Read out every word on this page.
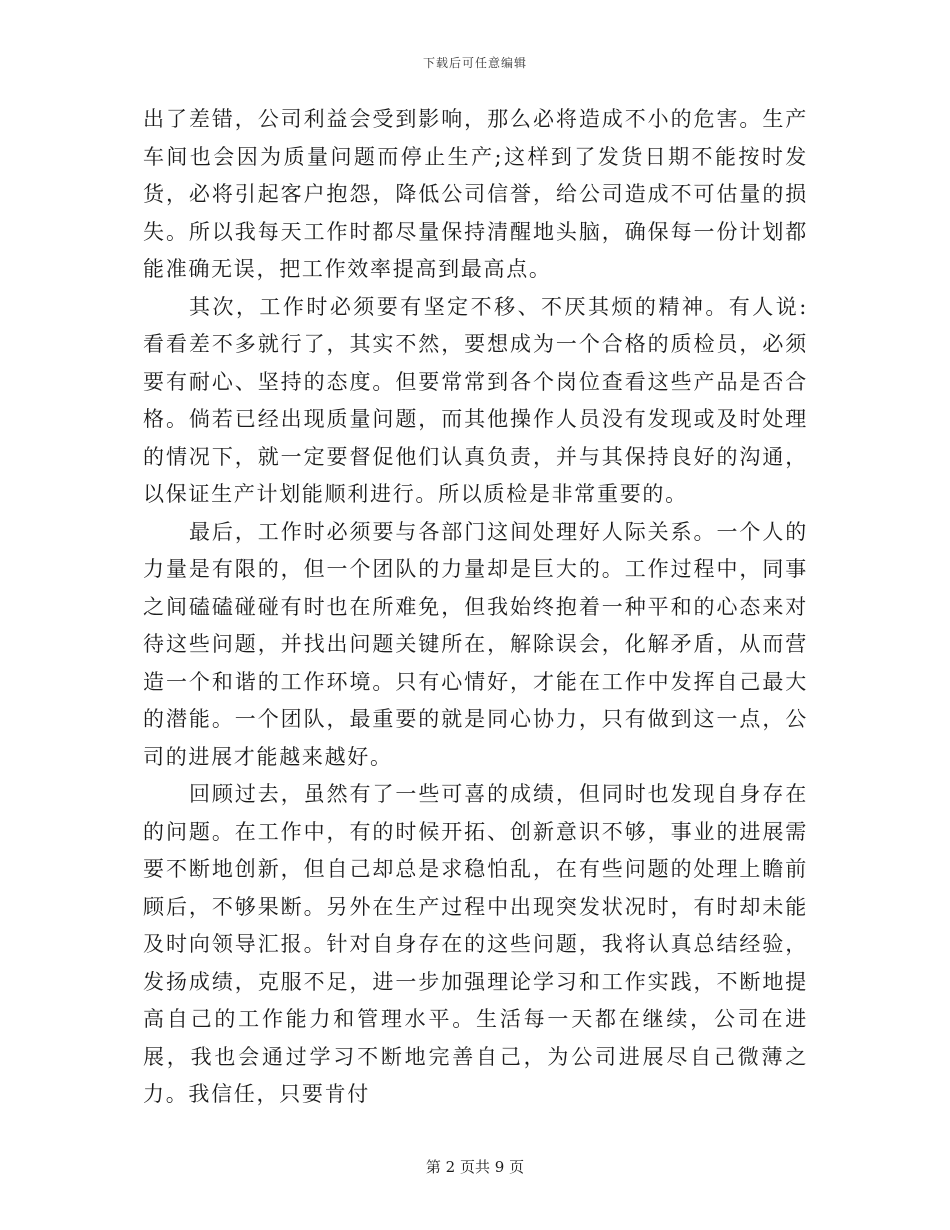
下载后可任意编辑

出了差错，公司利益会受到影响，那么必将造成不小的危害。生产车间也会因为质量问题而停止生产;这样到了发货日期不能按时发货，必将引起客户抱怨，降低公司信誉，给公司造成不可估量的损失。所以我每天工作时都尽量保持清醒地头脑，确保每一份计划都能准确无误，把工作效率提高到最高点。

其次，工作时必须要有坚定不移、不厌其烦的精神。有人说:看看差不多就行了，其实不然，要想成为一个合格的质检员，必须要有耐心、坚持的态度。但要常常到各个岗位查看这些产品是否合格。倘若已经出现质量问题，而其他操作人员没有发现或及时处理的情况下，就一定要督促他们认真负责，并与其保持良好的沟通，以保证生产计划能顺利进行。所以质检是非常重要的。

最后，工作时必须要与各部门这间处理好人际关系。一个人的力量是有限的，但一个团队的力量却是巨大的。工作过程中，同事之间磕磕碰碰有时也在所难免，但我始终抱着一种平和的心态来对待这些问题，并找出问题关键所在，解除误会，化解矛盾，从而营造一个和谐的工作环境。只有心情好，才能在工作中发挥自己最大的潜能。一个团队，最重要的就是同心协力，只有做到这一点，公司的进展才能越来越好。

回顾过去，虽然有了一些可喜的成绩，但同时也发现自身存在的问题。在工作中，有的时候开拓、创新意识不够，事业的进展需要不断地创新，但自己却总是求稳怕乱，在有些问题的处理上瞻前顾后，不够果断。另外在生产过程中出现突发状况时，有时却未能及时向领导汇报。针对自身存在的这些问题，我将认真总结经验，发扬成绩，克服不足，进一步加强理论学习和工作实践，不断地提高自己的工作能力和管理水平。生活每一天都在继续，公司在进展，我也会通过学习不断地完善自己，为公司进展尽自己微薄之力。我信任，只要肯付

第 2 页共 9 页
